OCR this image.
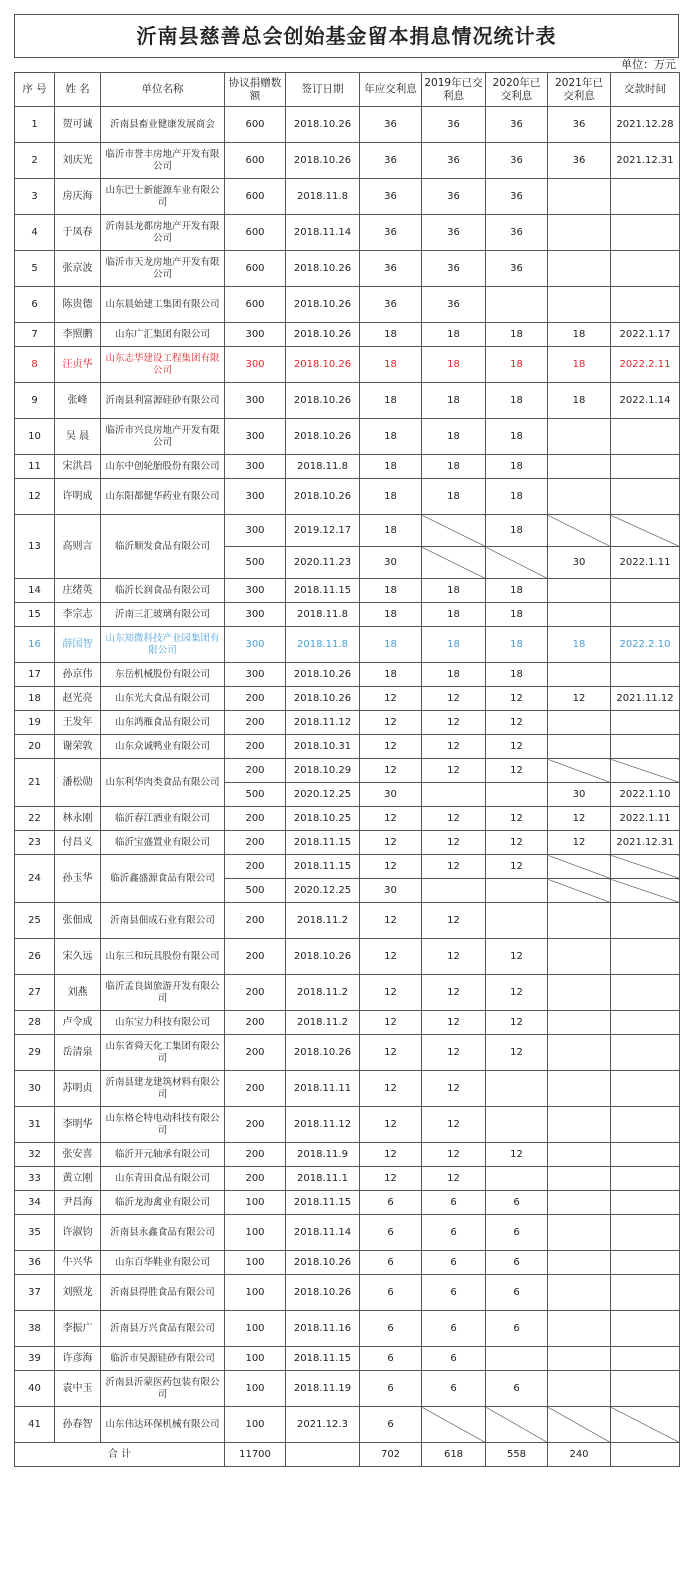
沂南县慈善总会创始基金留本捐息情况统计表
单位：万元
序 号	姓 名	单位名称	协议捐赠数额	签订日期	年应交利息	2019年已交利息	2020年已交利息	2021年已交利息	交款时间
1	贺可诚	沂南县畜业健康发展商会	600	2018.10.26	36	36	36	36	2021.12.28
2	刘庆光	临沂市誉丰房地产开发有限公司	600	2018.10.26	36	36	36	36	2021.12.31
3	房庆海	山东巴士新能源车业有限公司	600	2018.11.8	36	36	36		
4	于凤春	沂南县龙都房地产开发有限公司	600	2018.11.14	36	36	36		
5	张京波	临沂市天龙房地产开发有限公司	600	2018.10.26	36	36	36		
6	陈贵德	山东晨始建工集团有限公司	600	2018.10.26	36	36			
7	李照鹏	山东广汇集团有限公司	300	2018.10.26	18	18	18	18	2022.1.17
8	汪贞华	山东志华建设工程集团有限公司	300	2018.10.26	18	18	18	18	2022.2.11
9	张峰	沂南县利富源硅砂有限公司	300	2018.10.26	18	18	18	18	2022.1.14
10	吴 晨	临沂市兴良房地产开发有限公司	300	2018.10.26	18	18	18		
11	宋洪昌	山东中创轮胎股份有限公司	300	2018.11.8	18	18	18		
12	许明成	山东阳都健华药业有限公司	300	2018.10.26	18	18	18		
13	高则言	临沂顺发食品有限公司	300	2019.12.17	18		18		
			500	2020.11.23	30			30	2022.1.11
14	庄绪英	临沂长润食品有限公司	300	2018.11.15	18	18	18		
15	李宗志	沂南三汇玻璃有限公司	300	2018.11.8	18	18	18		
16	薛国智	山东知微科技产业园集团有限公司	300	2018.11.8	18	18	18	18	2022.2.10
17	孙京伟	东岳机械股份有限公司	300	2018.10.26	18	18	18		
18	赵光亮	山东光大食品有限公司	200	2018.10.26	12	12	12	12	2021.11.12
19	王发年	山东鸿雁食品有限公司	200	2018.11.12	12	12	12		
20	谢荣敦	山东众诚鸭业有限公司	200	2018.10.31	12	12	12		
21	潘松勋	山东利华肉类食品有限公司	200	2018.10.29	12	12	12		
			500	2020.12.25	30			30	2022.1.10
22	林永刚	临沂春江酒业有限公司	200	2018.10.25	12	12	12	12	2022.1.11
23	付昌义	临沂宝盛置业有限公司	200	2018.11.15	12	12	12	12	2021.12.31
24	孙玉华	临沂鑫盛源食品有限公司	200	2018.11.15	12	12	12		
			500	2020.12.25	30				
25	张佃成	沂南县佃成石业有限公司	200	2018.11.2	12	12			
26	宋久远	山东三和玩具股份有限公司	200	2018.10.26	12	12	12		
27	刘燕	临沂孟良崮旅游开发有限公司	200	2018.11.2	12	12	12		
28	卢令成	山东宝力科技有限公司	200	2018.11.2	12	12	12		
29	岳清泉	山东省舜天化工集团有限公司	200	2018.10.26	12	12	12		
30	苏明贞	沂南县建龙建筑材料有限公司	200	2018.11.11	12	12			
31	李明华	山东格仑特电动科技有限公司	200	2018.11.12	12	12			
32	张安喜	临沂开元轴承有限公司	200	2018.11.9	12	12	12		
33	黄立刚	山东青田食品有限公司	200	2018.11.1	12	12			
34	尹昌海	临沂龙海禽业有限公司	100	2018.11.15	6	6	6		
35	许淑钧	沂南县永鑫食品有限公司	100	2018.11.14	6	6	6		
36	牛兴华	山东百华鞋业有限公司	100	2018.10.26	6	6	6		
37	刘照龙	沂南县得胜食品有限公司	100	2018.10.26	6	6	6		
38	李振广	沂南县万兴食品有限公司	100	2018.11.16	6	6	6		
39	许彦海	临沂市昊源硅砂有限公司	100	2018.11.15	6	6			
40	袁中玉	沂南县沂蒙医药包装有限公司	100	2018.11.19	6	6	6		
41	孙春智	山东伟达环保机械有限公司	100	2021.12.3	6				
合 计			11700		702	618	558	240	
